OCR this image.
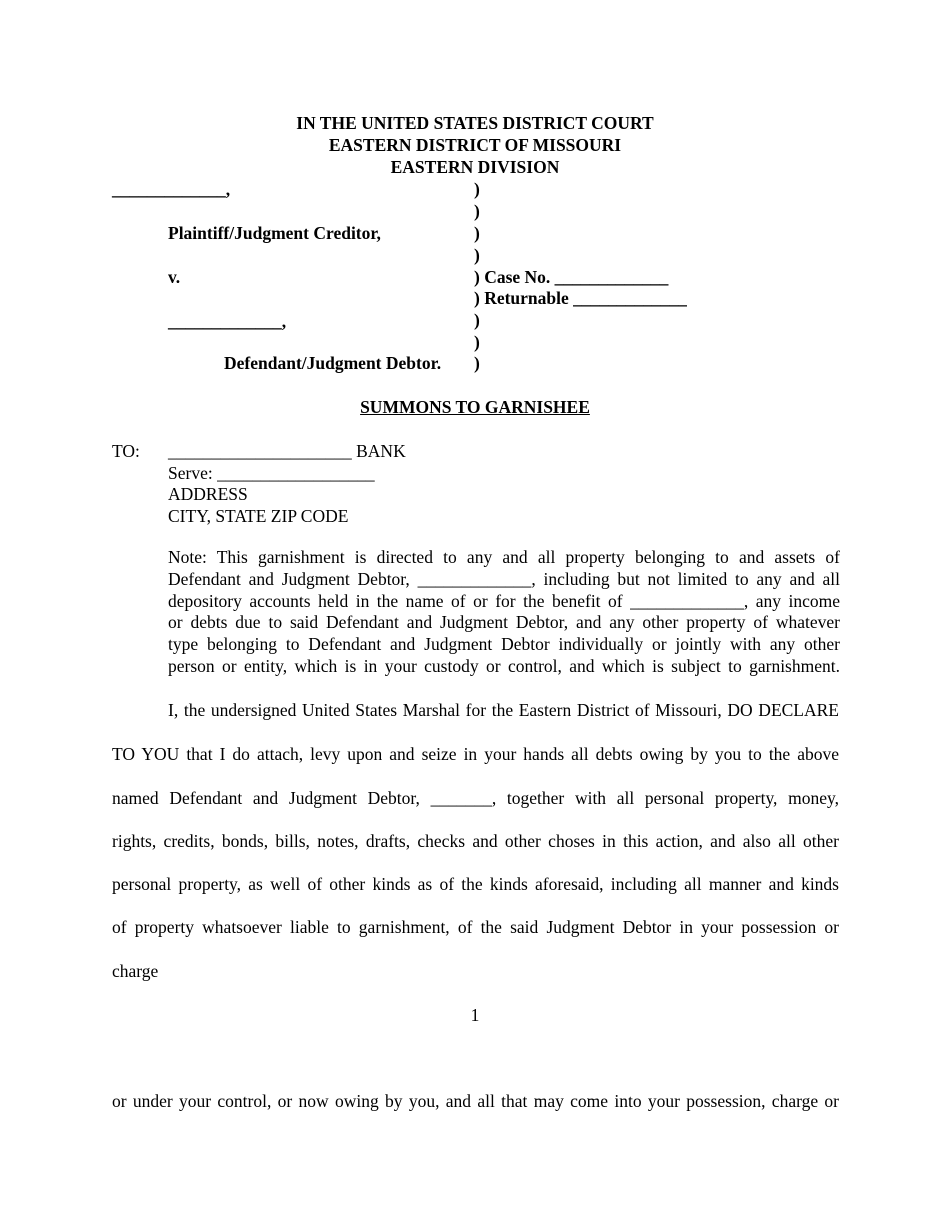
IN THE UNITED STATES DISTRICT COURT
EASTERN DISTRICT OF MISSOURI
EASTERN DIVISION
_____________,
Plaintiff/Judgment Creditor,
v.
_____________,
Defendant/Judgment Debtor.
)
)
)
)
) Case No. _____________
) Returnable _____________
)
)
)
SUMMONS TO GARNISHEE
TO: _____________________ BANK
Serve: __________________
ADDRESS
CITY, STATE ZIP CODE
Note: This garnishment is directed to any and all property belonging to and assets of
Defendant and Judgment Debtor, _____________, including but not limited to any and all
depository accounts held in the name of or for the benefit of _____________, any income
or debts due to said Defendant and Judgment Debtor, and any other property of whatever
type belonging to Defendant and Judgment Debtor individually or jointly with any other
person or entity, which is in your custody or control, and which is subject to garnishment.
I, the undersigned United States Marshal for the Eastern District of Missouri, DO DECLARE
TO YOU that I do attach, levy upon and seize in your hands all debts owing by you to the above
named Defendant and Judgment Debtor, _______, together with all personal property, money,
rights, credits, bonds, bills, notes, drafts, checks and other choses in this action, and also all other
personal property, as well of other kinds as of the kinds aforesaid, including all manner and kinds
of property whatsoever liable to garnishment, of the said Judgment Debtor in your possession or
charge
1
or under your control, or now owing by you, and all that may come into your possession, charge or
